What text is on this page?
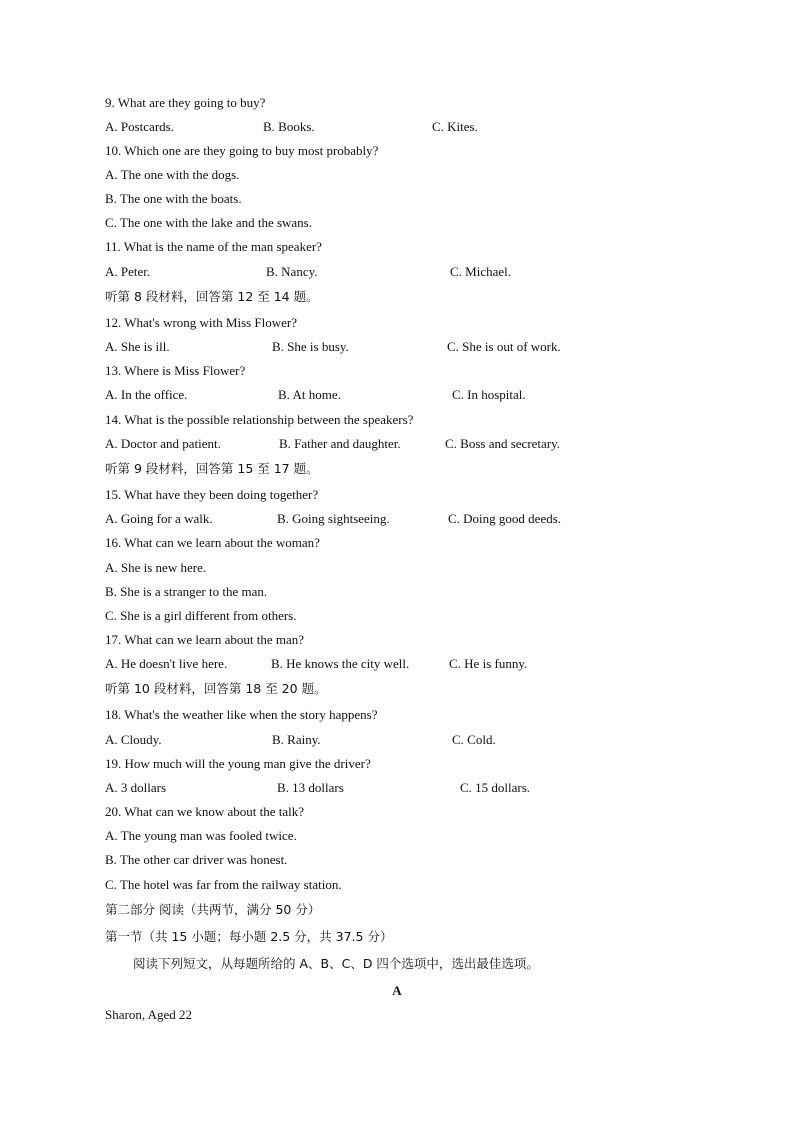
9. What are they going to buy?
A. Postcards.	B. Books.	C. Kites.
10. Which one are they going to buy most probably?
A. The one with the dogs.
B. The one with the boats.
C. The one with the lake and the swans.
11. What is the name of the man speaker?
A. Peter.	B. Nancy.	C. Michael.
听第 8 段材料，回答第 12 至 14 题。
12. What's wrong with Miss Flower?
A. She is ill.	B. She is busy.	C. She is out of work.
13. Where is Miss Flower?
A. In the office.	B. At home.	C. In hospital.
14. What is the possible relationship between the speakers?
A. Doctor and patient.	B. Father and daughter.	C. Boss and secretary.
听第 9 段材料，回答第 15 至 17 题。
15. What have they been doing together?
A. Going for a walk.	B. Going sightseeing.	C. Doing good deeds.
16. What can we learn about the woman?
A. She is new here.
B. She is a stranger to the man.
C. She is a girl different from others.
17. What can we learn about the man?
A. He doesn't live here.	B. He knows the city well.	C. He is funny.
听第 10 段材料，回答第 18 至 20 题。
18. What's the weather like when the story happens?
A. Cloudy.	B. Rainy.	C. Cold.
19. How much will the young man give the driver?
A. 3 dollars	B. 13 dollars	C. 15 dollars.
20. What can we know about the talk?
A. The young man was fooled twice.
B. The other car driver was honest.
C. The hotel was far from the railway station.
第二部分 阅读（共两节，满分 50 分）
第一节（共 15 小题；每小题 2.5 分，共 37.5 分）
阅读下列短文，从每题所给的 A、B、C、D 四个选项中，选出最佳选项。
A
Sharon, Aged 22
